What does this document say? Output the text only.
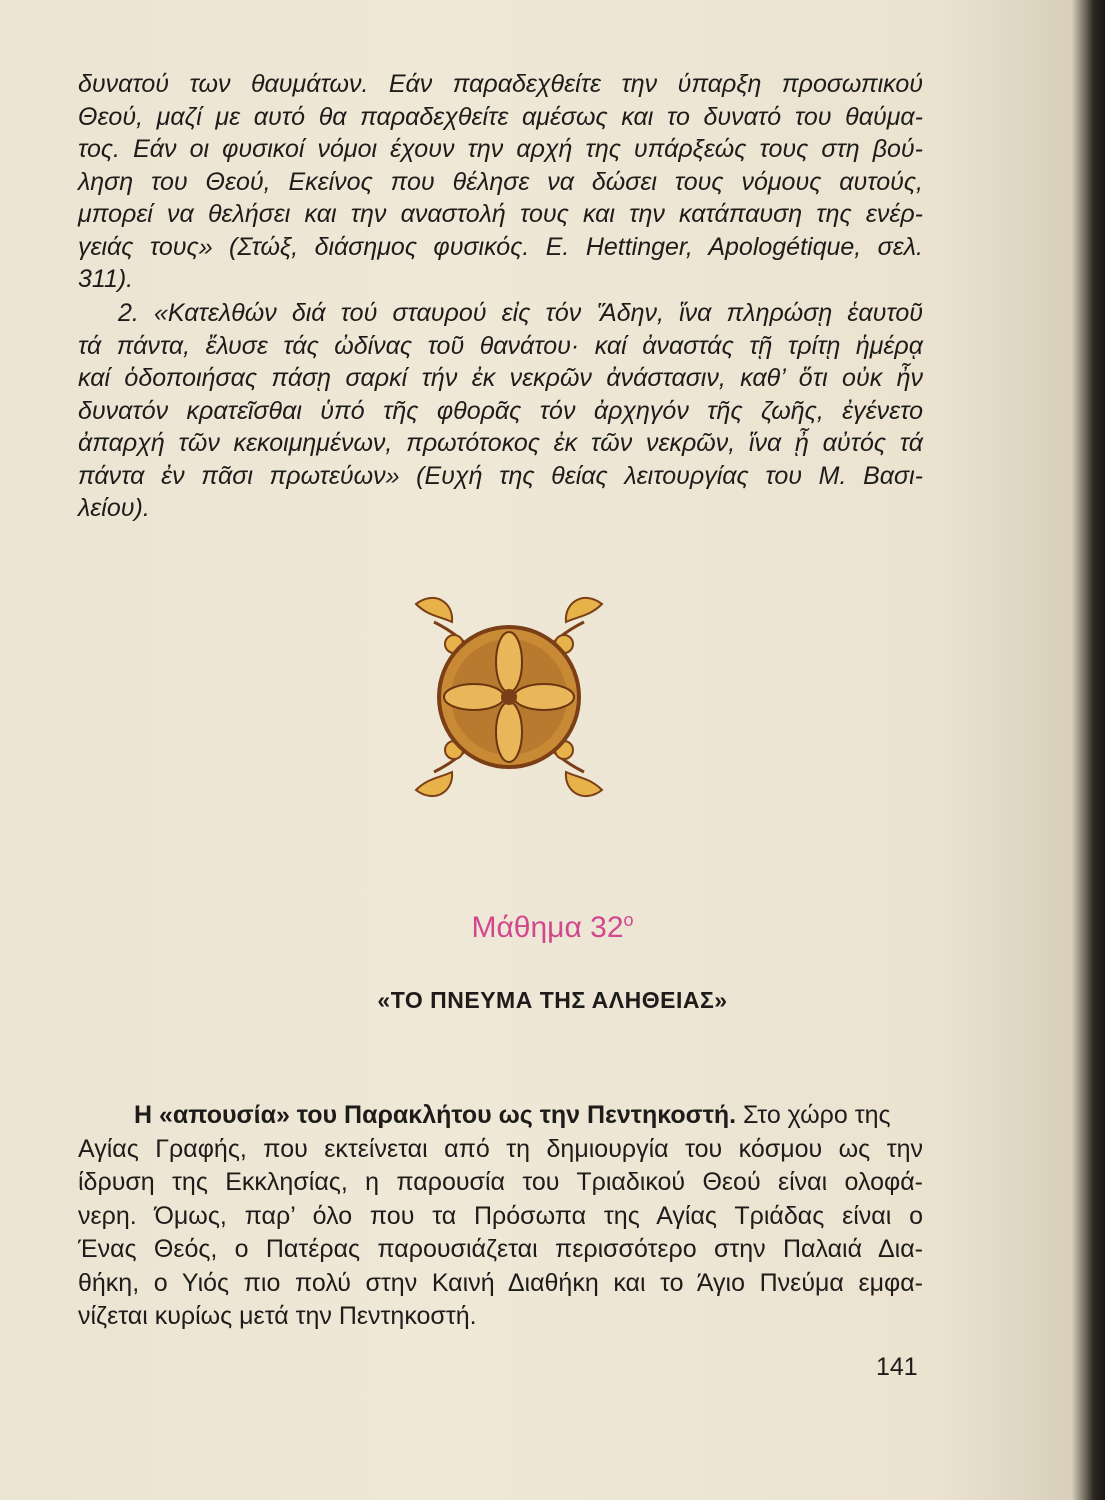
δυνατού των θαυμάτων. Εάν παραδεχθείτε την ύπαρξη προσωπικού
Θεού, μαζί με αυτό θα παραδεχθείτε αμέσως και το δυνατό του θαύμα-
τος. Εάν οι φυσικοί νόμοι έχουν την αρχή της υπάρξεώς τους στη βού-
ληση του Θεού, Εκείνος που θέλησε να δώσει τους νόμους αυτούς,
μπορεί να θελήσει και την αναστολή τους και την κατάπαυση της ενέρ-
γειάς τους» (Στώξ, διάσημος φυσικός. E. Hettinger, Apologétique, σελ.
311).
2. «Κατελθών διά τού σταυρού εἰς τόν Ἅδην, ἵνα πληρώσῃ ἑαυτοῦ
τά πάντα, ἔλυσε τάς ὠδίνας τοῦ θανάτου· καί ἀναστάς τῇ τρίτῃ ἡμέρᾳ
καί ὁδοποιήσας πάσῃ σαρκί τήν ἐκ νεκρῶν ἀνάστασιν, καθ’ ὅτι οὐκ ἦν
δυνατόν κρατεῖσθαι ὑπό τῆς φθορᾶς τόν ἀρχηγόν τῆς ζωῆς, ἐγένετο
ἀπαρχή τῶν κεκοιμημένων, πρωτότοκος ἐκ τῶν νεκρῶν, ἵνα ᾖ αὐτός τά
πάντα ἐν πᾶσι πρωτεύων» (Ευχή της θείας λειτουργίας του Μ. Βασι-
λείου).
Μάθημα $32^o$
«ΤΟ ΠΝΕΥΜΑ ΤΗΣ ΑΛΗΘΕΙΑΣ»
Η «απουσία» του Παρακλήτου ως την Πεντηκοστή. Στο χώρο της
Αγίας Γραφής, που εκτείνεται από τη δημιουργία του κόσμου ως την
ίδρυση της Εκκλησίας, η παρουσία του Τριαδικού Θεού είναι ολοφά-
νερη. Όμως, παρ’ όλο που τα Πρόσωπα της Αγίας Τριάδας είναι ο
Ένας Θεός, ο Πατέρας παρουσιάζεται περισσότερο στην Παλαιά Δια-
θήκη, ο Υιός πιο πολύ στην Καινή Διαθήκη και το Άγιο Πνεύμα εμφα-
νίζεται κυρίως μετά την Πεντηκοστή.
141
